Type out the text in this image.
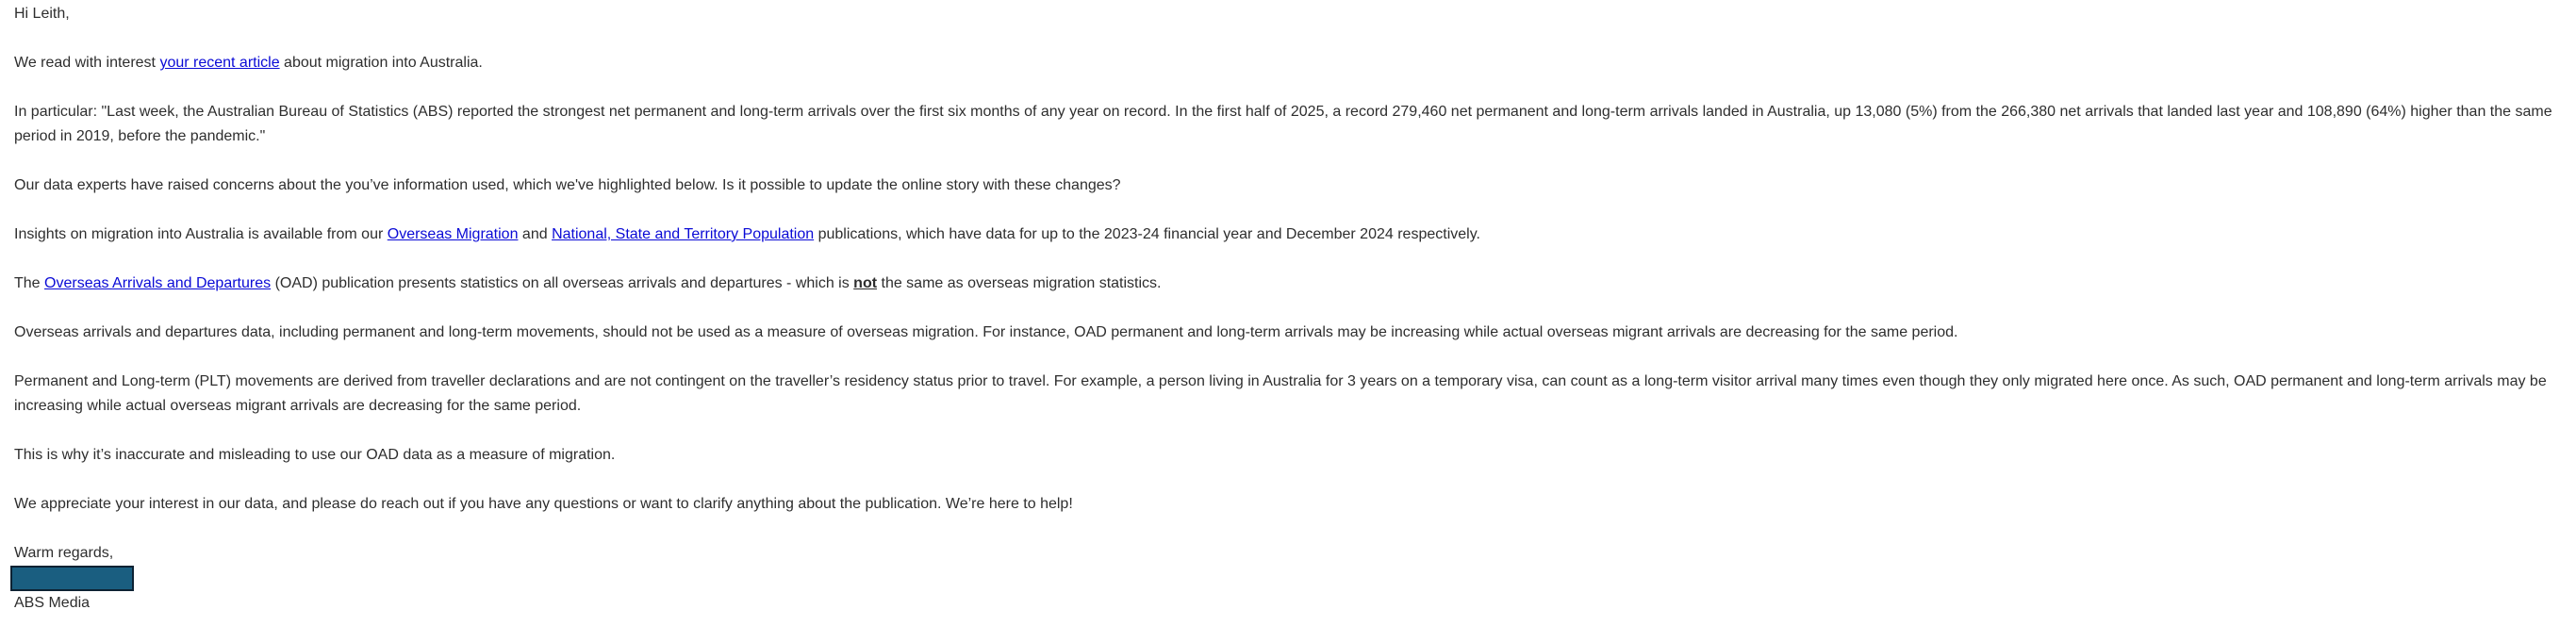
Hi Leith,

We read with interest your recent article about migration into Australia.

In particular: "Last week, the Australian Bureau of Statistics (ABS) reported the strongest net permanent and long-term arrivals over the first six months of any year on record. In the first half of 2025, a record 279,460 net permanent and long-term arrivals landed in Australia, up 13,080 (5%) from the 266,380 net arrivals that landed last year and 108,890 (64%) higher than the same period in 2019, before the pandemic."

Our data experts have raised concerns about the you’ve information used, which we've highlighted below. Is it possible to update the online story with these changes?

Insights on migration into Australia is available from our Overseas Migration and National, State and Territory Population publications, which have data for up to the 2023-24 financial year and December 2024 respectively.

The Overseas Arrivals and Departures (OAD) publication presents statistics on all overseas arrivals and departures - which is not the same as overseas migration statistics.

Overseas arrivals and departures data, including permanent and long-term movements, should not be used as a measure of overseas migration. For instance, OAD permanent and long-term arrivals may be increasing while actual overseas migrant arrivals are decreasing for the same period.

Permanent and Long-term (PLT) movements are derived from traveller declarations and are not contingent on the traveller’s residency status prior to travel. For example, a person living in Australia for 3 years on a temporary visa, can count as a long-term visitor arrival many times even though they only migrated here once. As such, OAD permanent and long-term arrivals may be increasing while actual overseas migrant arrivals are decreasing for the same period.

This is why it’s inaccurate and misleading to use our OAD data as a measure of migration.

We appreciate your interest in our data, and please do reach out if you have any questions or want to clarify anything about the publication. We’re here to help!

Warm regards,

ABS Media
